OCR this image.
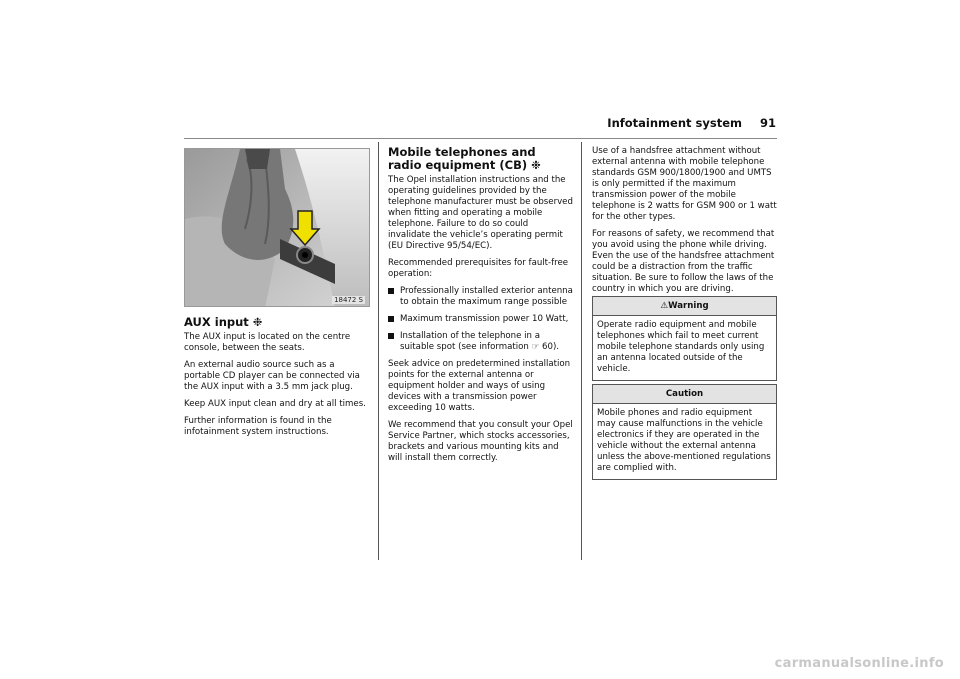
Infotainment system 91
18472 S
AUX input ❉

The AUX input is located on the centre console, between the seats.

An external audio source such as a portable CD player can be connected via the AUX input with a 3.5 mm jack plug.

Keep AUX input clean and dry at all times.

Further information is found in the infotainment system instructions.

Mobile telephones and radio equipment (CB) ❉

The Opel installation instructions and the operating guidelines provided by the telephone manufacturer must be observed when fitting and operating a mobile telephone. Failure to do so could invalidate the vehicle’s operating permit (EU Directive 95/54/EC).

Recommended prerequisites for fault-free operation:

Professionally installed exterior antenna to obtain the maximum range possible
Maximum transmission power 10 Watt,
Installation of the telephone in a suitable spot (see information ☞ 60).

Seek advice on predetermined installation points for the external antenna or equipment holder and ways of using devices with a transmission power exceeding 10 watts.

We recommend that you consult your Opel Service Partner, which stocks accessories, brackets and various mounting kits and will install them correctly.

Use of a handsfree attachment without external antenna with mobile telephone standards GSM 900/1800/1900 and UMTS is only permitted if the maximum transmission power of the mobile telephone is 2 watts for GSM 900 or 1 watt for the other types.

For reasons of safety, we recommend that you avoid using the phone while driving. Even the use of the handsfree attachment could be a distraction from the traffic situation. Be sure to follow the laws of the country in which you are driving.

⚠Warning
Operate radio equipment and mobile telephones which fail to meet current mobile telephone standards only using an antenna located outside of the vehicle.
Caution
Mobile phones and radio equipment may cause malfunctions in the vehicle electronics if they are operated in the vehicle without the external antenna unless the above-mentioned regulations are complied with.
carmanualsonline.info
